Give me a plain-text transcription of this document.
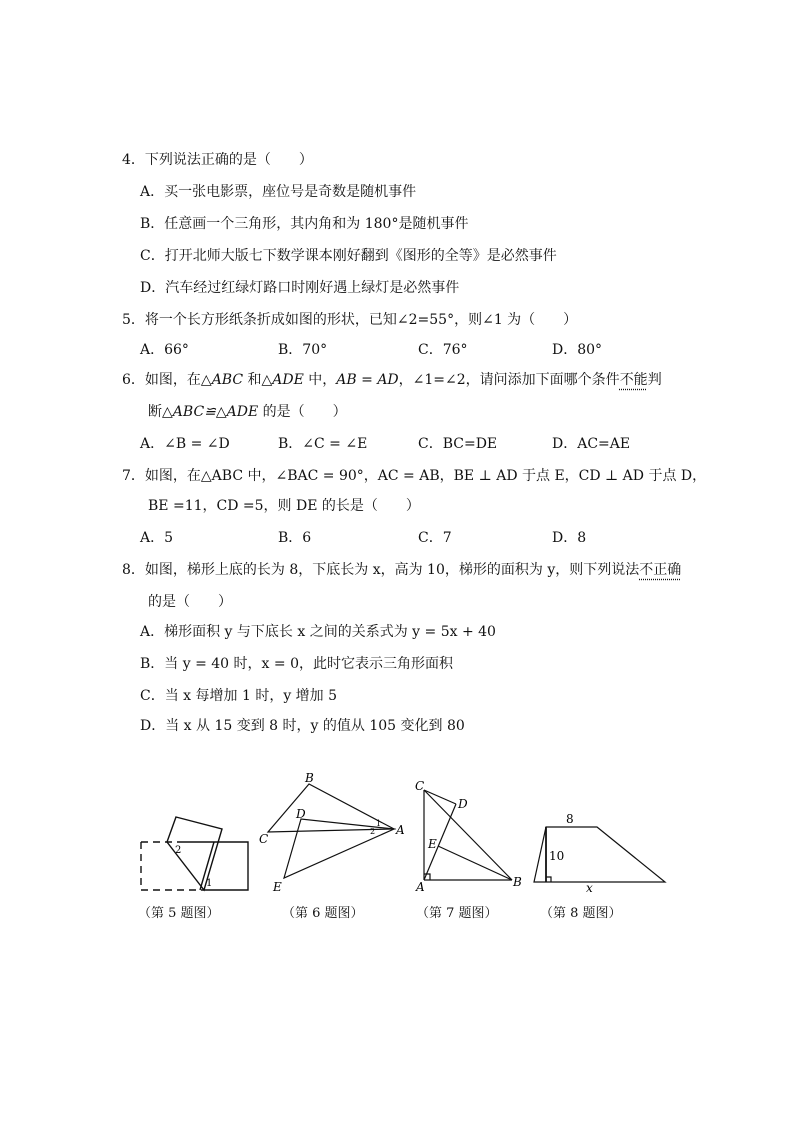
4．下列说法正确的是（　　）
A．买一张电影票，座位号是奇数是随机事件
B．任意画一个三角形，其内角和为 180°是随机事件
C．打开北师大版七下数学课本刚好翻到《图形的全等》是必然事件
D．汽车经过红绿灯路口时刚好遇上绿灯是必然事件
5．将一个长方形纸条折成如图的形状，已知∠2=55°，则∠1 为（　　）
A．66°	B．70°	C．76°	D．80°
6．如图，在△ABC 和△ADE 中，AB = AD，∠1=∠2，请问添加下面哪个条件不能判
断△ABC≌△ADE 的是（　　）
A．∠B = ∠D	B．∠C = ∠E	C．BC=DE	D．AC=AE
7．如图，在△ABC 中，∠BAC = 90°，AC = AB，BE ⊥ AD 于点 E，CD ⊥ AD 于点 D，
BE =11，CD =5，则 DE 的长是（　　）
A．5	B．6	C．7	D．8
8．如图，梯形上底的长为 8，下底长为 x，高为 10，梯形的面积为 y，则下列说法不正确
的是（　　）
A．梯形面积 y 与下底长 x 之间的关系式为 y = 5x + 40
B．当 y = 40 时，x = 0，此时它表示三角形面积
C．当 x 每增加 1 时，y 增加 5
D．当 x 从 15 变到 8 时，y 的值从 105 变化到 80
2
1
B
D
C
A
E
1
2
C
D
E
A	B
8
10
x
（第 5 题图）	（第 6 题图）	（第 7 题图）	（第 8 题图）
